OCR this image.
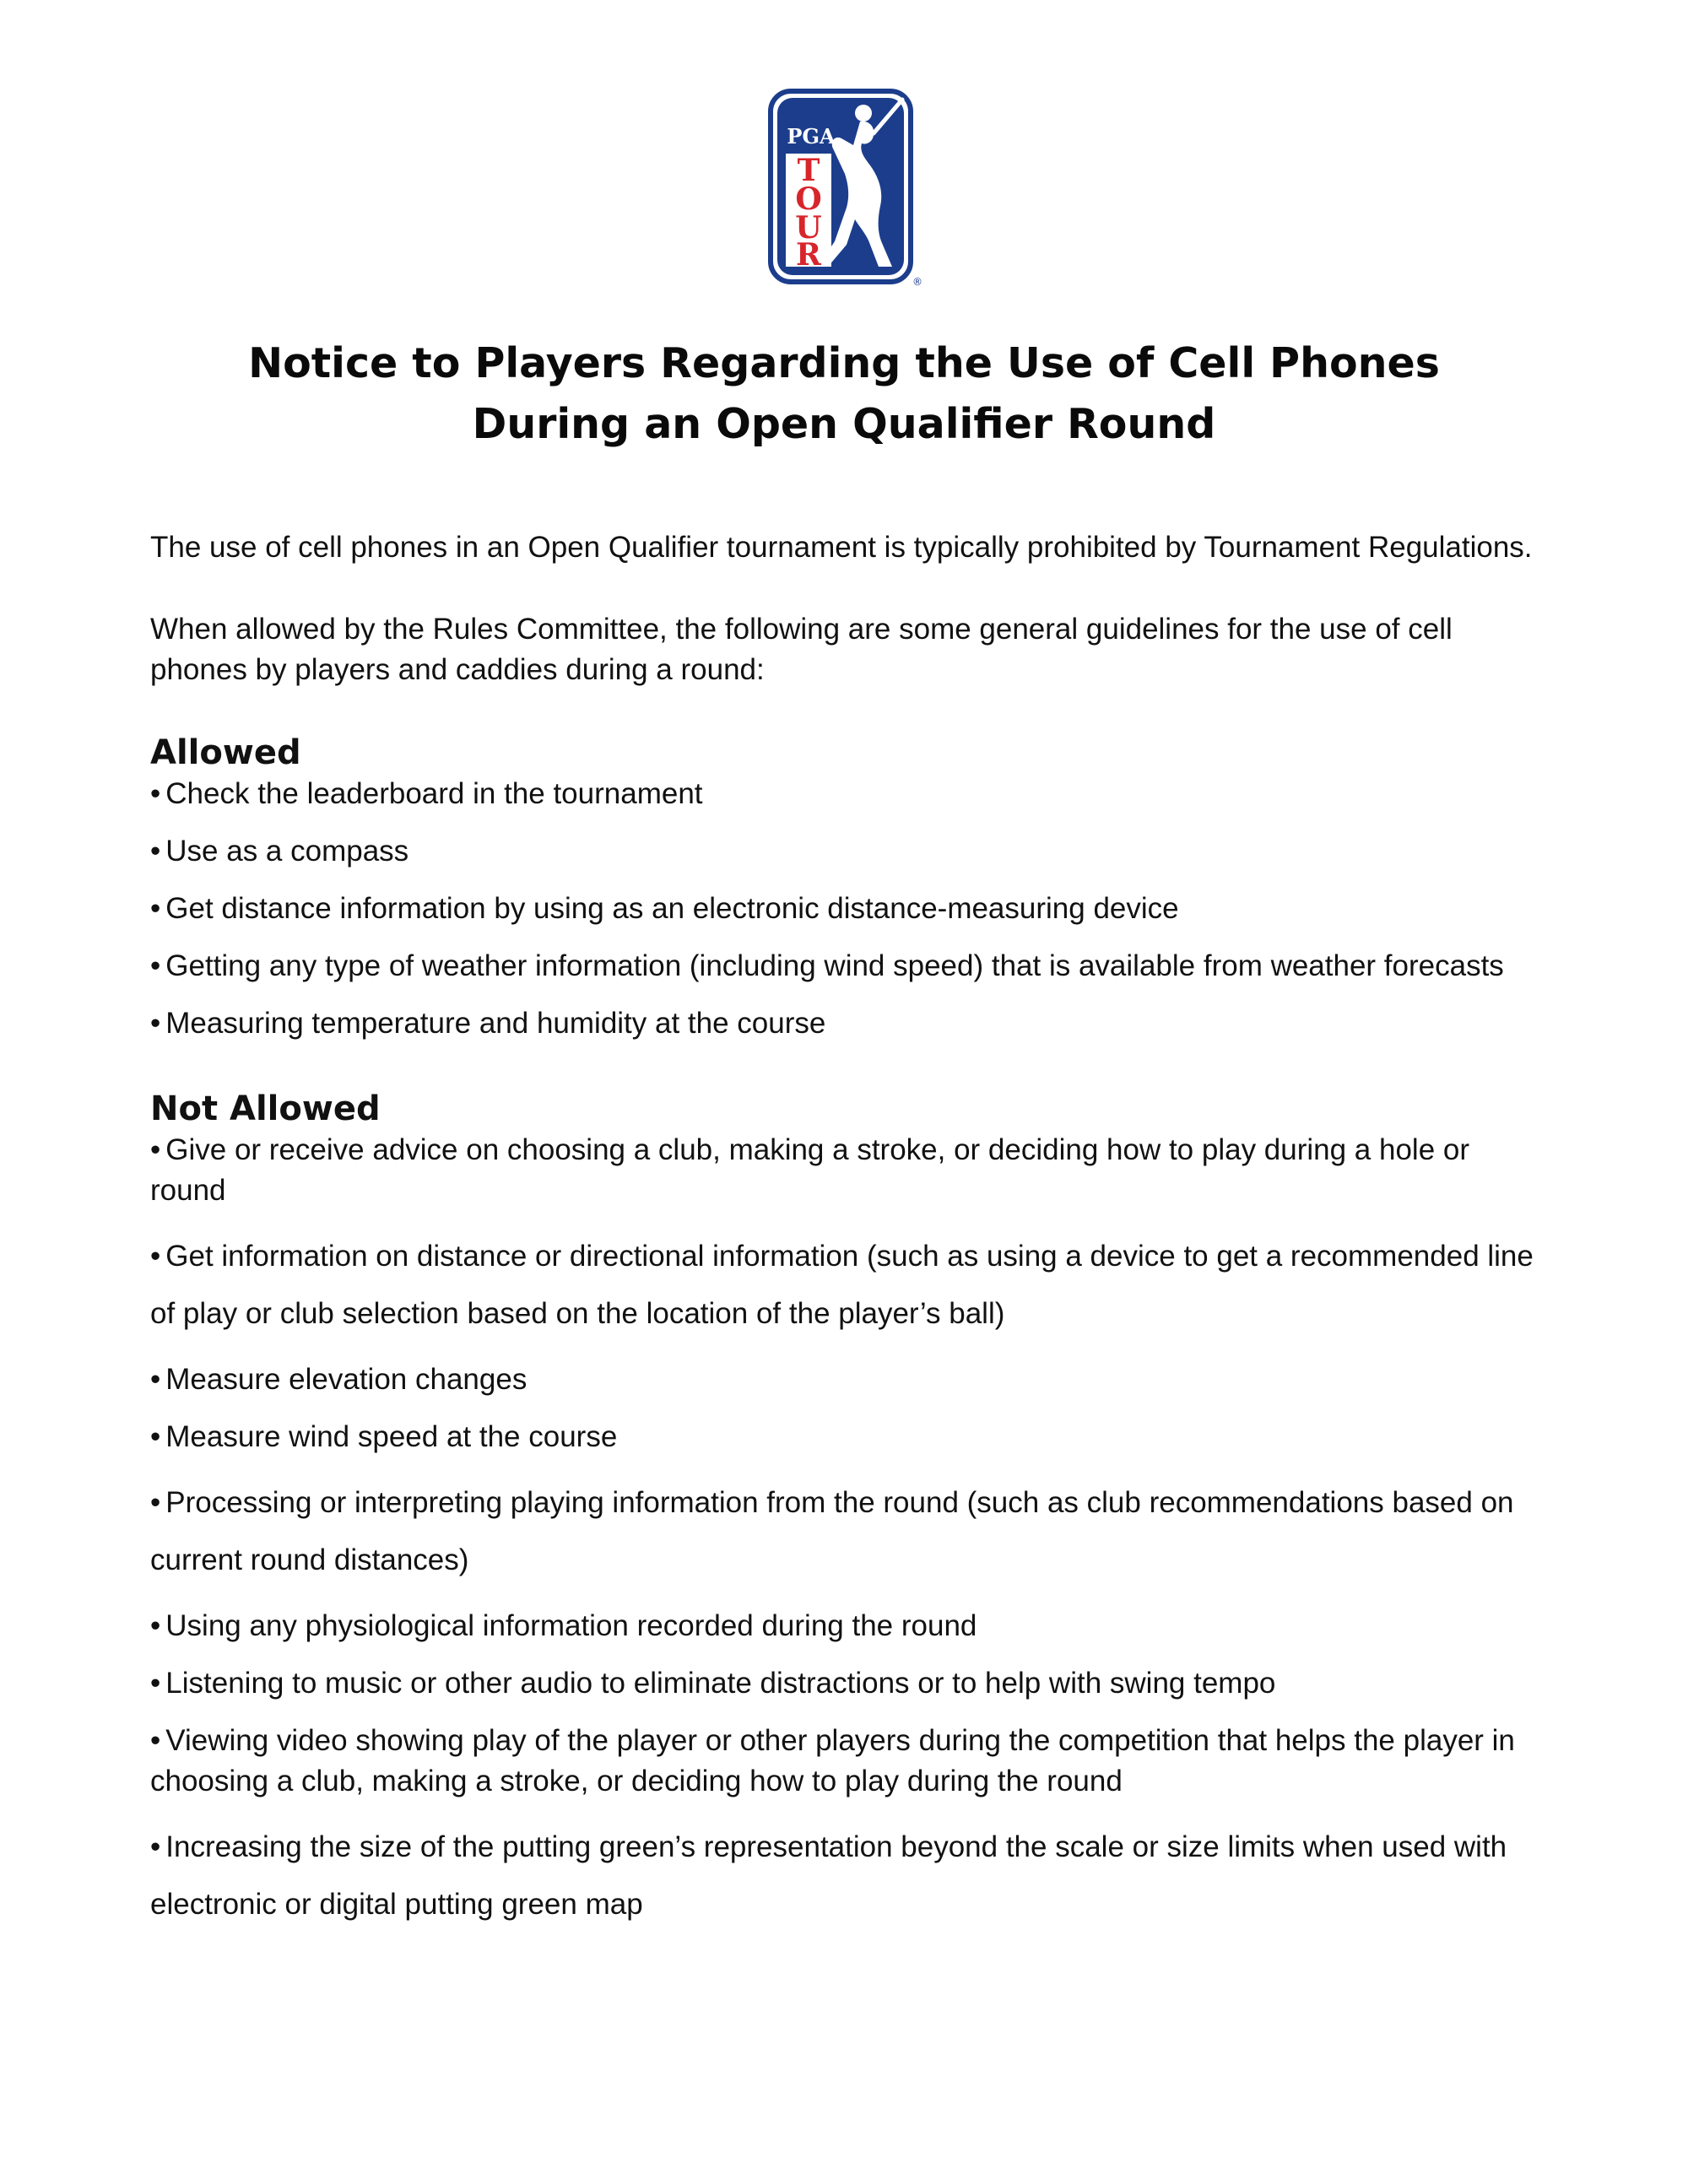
PGA
T
O
U
R
®
Notice to Players Regarding the Use of Cell Phones
During an Open Qualifier Round

The use of cell phones in an Open Qualifier tournament is typically prohibited by Tournament Regulations.

When allowed by the Rules Committee, the following are some general guidelines for the use of cell phones by players and caddies during a round:

Allowed
• Check the leaderboard in the tournament
• Use as a compass
• Get distance information by using as an electronic distance-measuring device
• Getting any type of weather information (including wind speed) that is available from weather forecasts
• Measuring temperature and humidity at the course
Not Allowed
• Give or receive advice on choosing a club, making a stroke, or deciding how to play during a hole or round
• Get information on distance or directional information (such as using a device to get a recommended line of play or club selection based on the location of the player’s ball)
• Measure elevation changes
• Measure wind speed at the course
• Processing or interpreting playing information from the round (such as club recommendations based on current round distances)
• Using any physiological information recorded during the round
• Listening to music or other audio to eliminate distractions or to help with swing tempo
• Viewing video showing play of the player or other players during the competition that helps the player in choosing a club, making a stroke, or deciding how to play during the round
• Increasing the size of the putting green’s representation beyond the scale or size limits when used with electronic or digital putting green map
